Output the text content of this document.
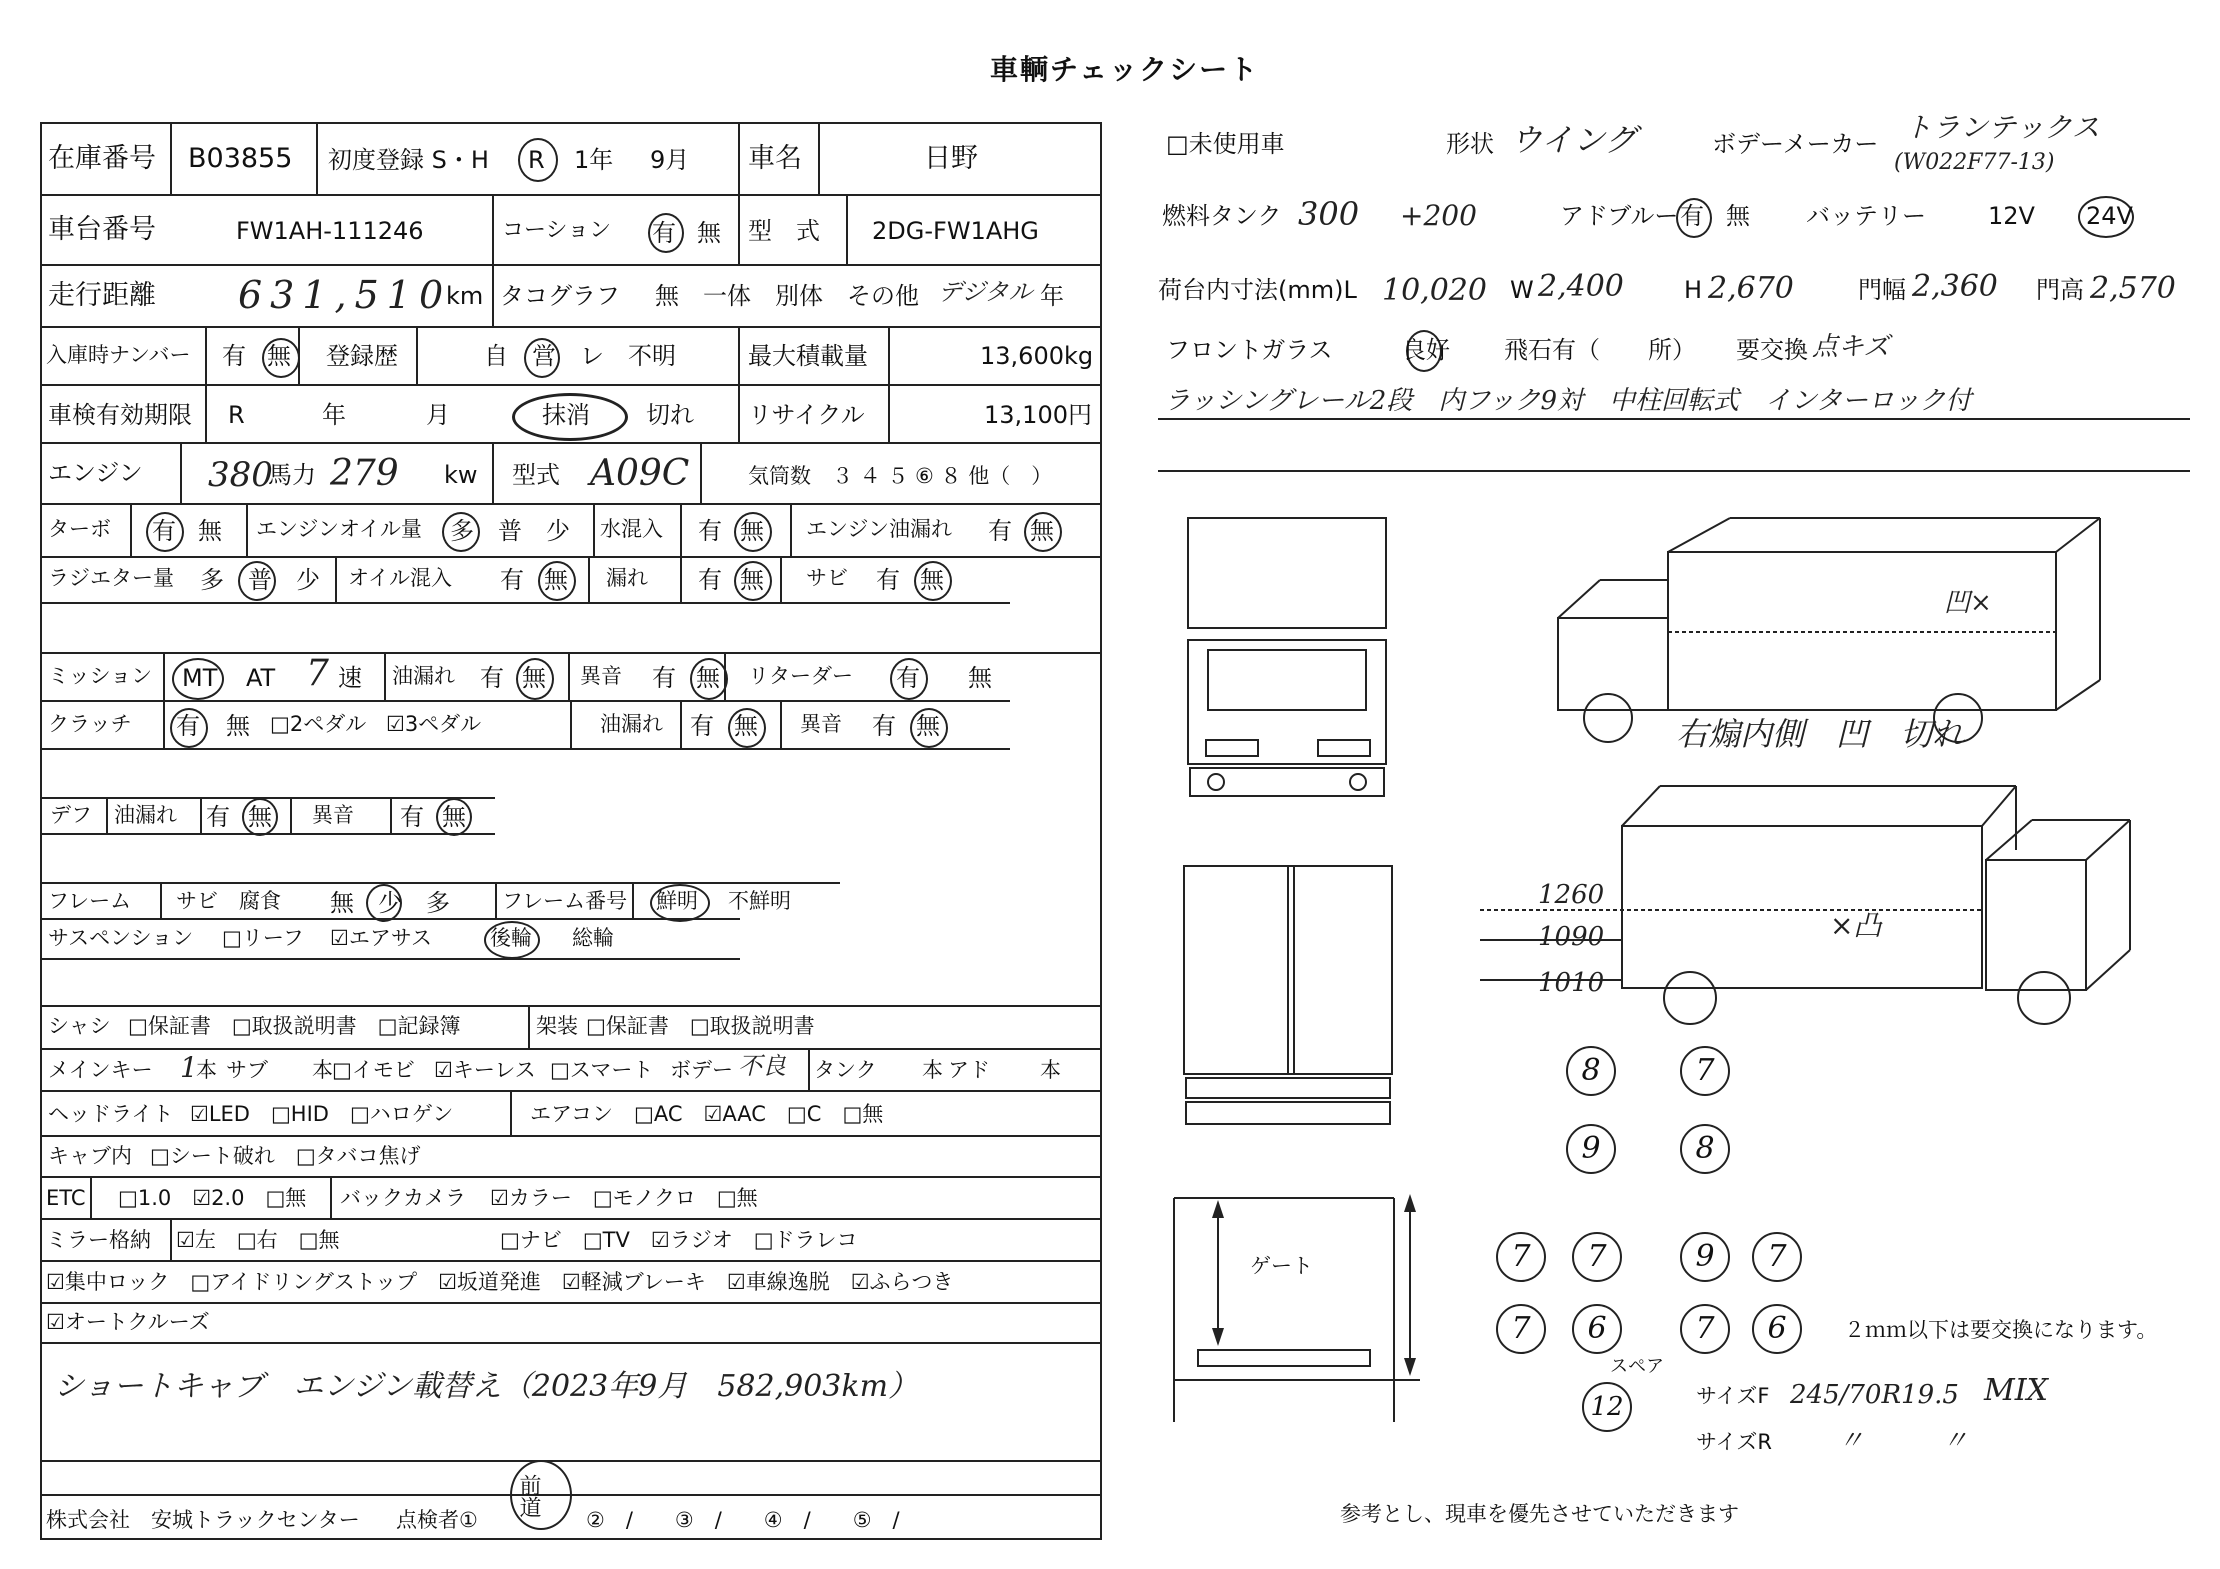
車輌チェックシート
在庫番号 B03855 初度登録 S・H R 1年 9月 車名	日野
車台番号	FW1AH-111246	コーション 有 無 型　式 2DG-FW1AHG
走行距離 631,510
km タコグラフ 無　一体　別体　その他 デジタル 年
入庫時ナンバー 有 無 登録歴	自　営　レ　不明	最大積載量	13,600kg
車検有効期限 R	年	月	抹消 切れ リサイクル	13,100円
エンジン 380
馬力 279 kw 型式 A09C	気筒数　３ ４ ５ ⑥ ８ 他（　）
ターボ 有 無 エンジンオイル量 多　普　少 水混入 有 無 エンジン油漏れ 有 無
ラジエター量 多　普　少 オイル混入 有 無 漏れ 有 無 サビ 有 無
ミッション MT AT 7 速 油漏れ 有 無 異音 有 無 リターダー 有 無
クラッチ 有 無 □2ペダル ☑3ペダル	油漏れ 有 無 異音 有 無
デフ 油漏れ 有 無 異音 有 無
フレーム サビ　腐食 無　少　多 フレーム番号 鮮明 不鮮明
サスペンション □リーフ ☑エアサス	後輪 総輪
シャシ □保証書　□取扱説明書　□記録簿	架装 □保証書　□取扱説明書
メインキー 1
本 サブ 本 □イモビ ☑キーレス □スマート ボデー 不良 タンク 本 アド 本
ヘッドライト ☑LED　□HID　□ハロゲン	エアコン □AC　☑AAC　□C　□無
キャブ内 □シート破れ　□タバコ焦げ
ETC □1.0　☑2.0　□無 バックカメラ ☑カラー　□モノクロ　□無
ミラー格納 ☑左　□右　□無	□ナビ　□TV　☑ラジオ　□ドラレコ
☑集中ロック　□アイドリングストップ　☑坂道発進　☑軽減ブレーキ　☑車線逸脱　☑ふらつき
☑オートクルーズ
ショートキャブ　エンジン載替え（2023年9月　582,903km）
株式会社　安城トラックセンター 点検者①
前道
②　/　　③　/　　④　/　　⑤　/
□未使用車	形状 ウイング	ボデーメーカー トランテックス
(W022F77-13)
燃料タンク 300 +200	アドブルー 有 無 バッテリー	12V 24V
荷台内寸法(mm)L 10,020 W 2,400	H 2,670	門幅 2,360 門高 2,570
フロントガラス	良好 飛石有（　　所） 要交換 点キズ
ラッシングレール2段　内フック9対　中柱回転式　インターロック付
凹×
右煽内側　凹　切れ
1260
1090
1010
×凸
ゲート
8	7
9	8
7	7	9	7
7	6	7	6	２ｍｍ以下は要交換になります。
スペア
12	サイズF 245/70R19.5 MIX
サイズR	〃　　　〃
参考とし、現車を優先させていただきます
